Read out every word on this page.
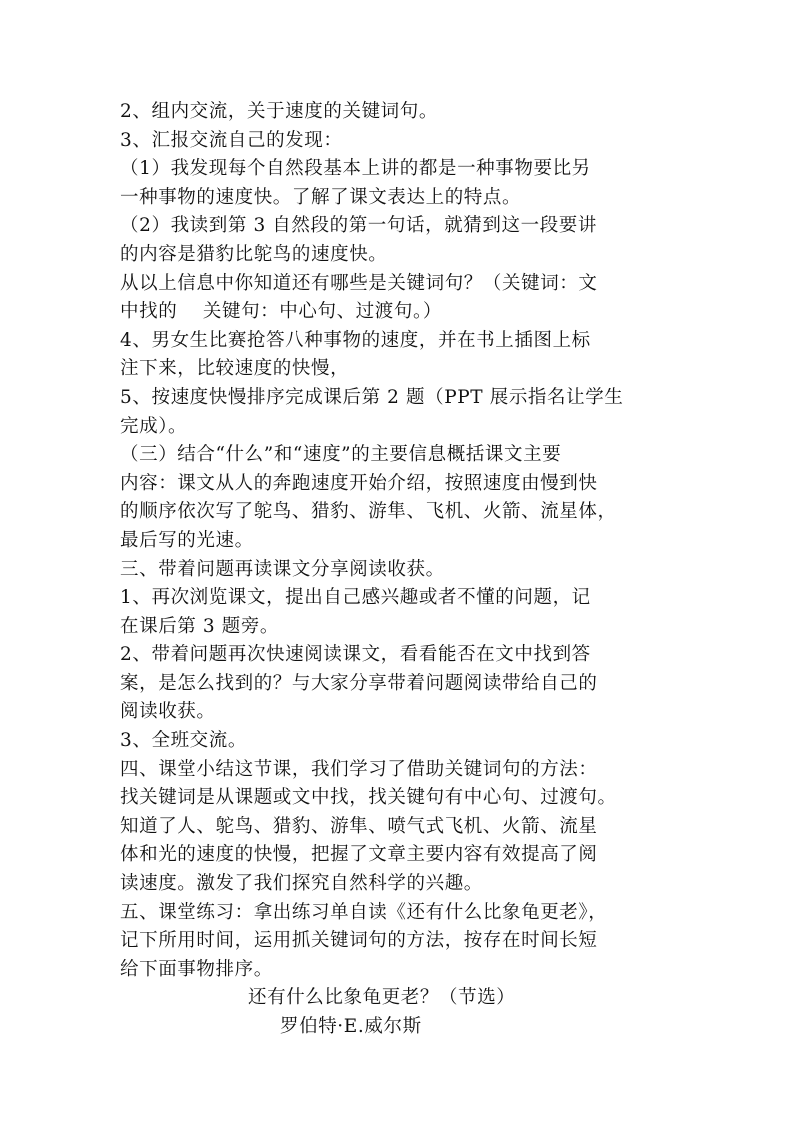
2、组内交流，关于速度的关键词句。
3、汇报交流自己的发现：
（1）我发现每个自然段基本上讲的都是一种事物要比另
一种事物的速度快。了解了课文表达上的特点。
（2）我读到第 3 自然段的第一句话，就猜到这一段要讲
的内容是猎豹比鸵鸟的速度快。
从以上信息中你知道还有哪些是关键词句？（关键词：文
中找的　 关键句：中心句、过渡句。）
4、男女生比赛抢答八种事物的速度，并在书上插图上标
注下来，比较速度的快慢，
5、按速度快慢排序完成课后第 2 题（PPT 展示指名让学生
完成）。
（三）结合“什么”和“速度”的主要信息概括课文主要
内容：课文从人的奔跑速度开始介绍，按照速度由慢到快
的顺序依次写了鸵鸟、猎豹、游隼、飞机、火箭、流星体，
最后写的光速。
三、带着问题再读课文分享阅读收获。
1、再次浏览课文，提出自己感兴趣或者不懂的问题，记
在课后第 3 题旁。
2、带着问题再次快速阅读课文，看看能否在文中找到答
案，是怎么找到的？与大家分享带着问题阅读带给自己的
阅读收获。
3、全班交流。
四、课堂小结这节课，我们学习了借助关键词句的方法：
找关键词是从课题或文中找，找关键句有中心句、过渡句。
知道了人、鸵鸟、猎豹、游隼、喷气式飞机、火箭、流星
体和光的速度的快慢，把握了文章主要内容有效提高了阅
读速度。激发了我们探究自然科学的兴趣。
五、课堂练习：拿出练习单自读《还有什么比象龟更老》，
记下所用时间，运用抓关键词句的方法，按存在时间长短
给下面事物排序。
还有什么比象龟更老？（节选）
罗伯特·E.威尔斯
